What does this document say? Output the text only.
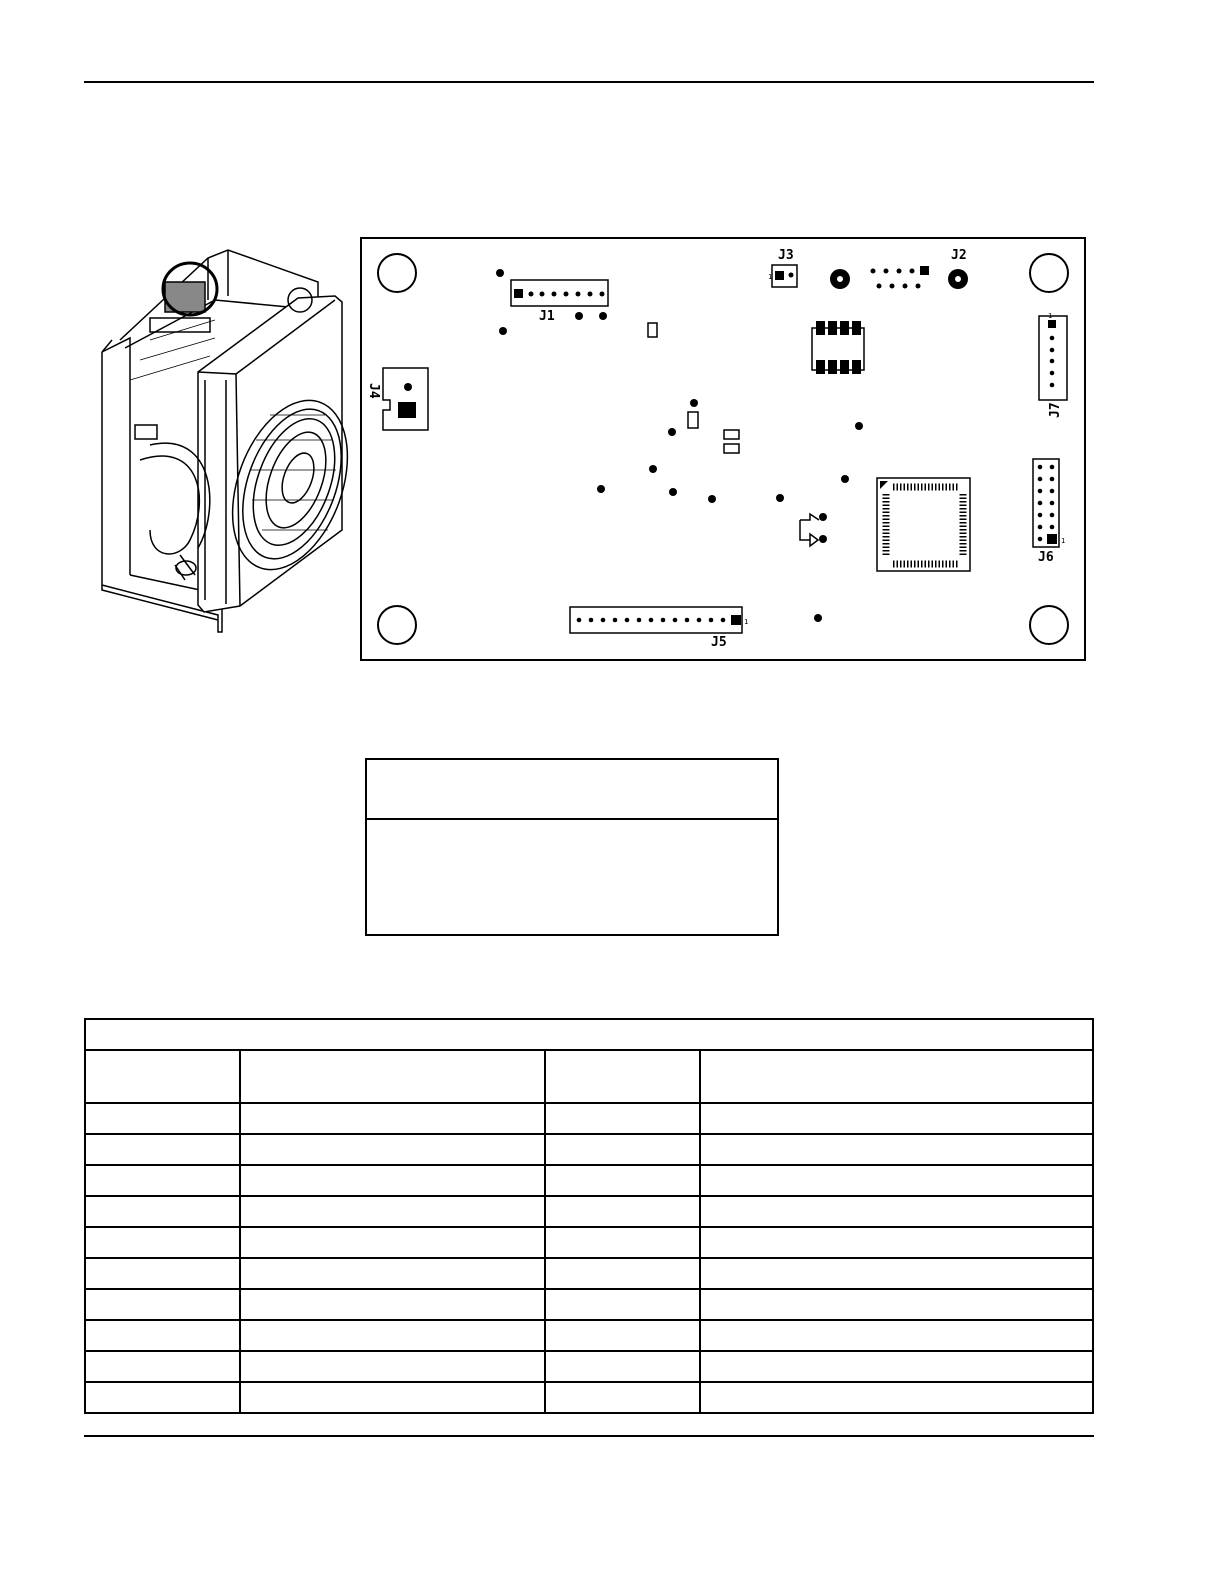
J1
1
J3	J2
J4
1
J7
1
J6
1
J5
